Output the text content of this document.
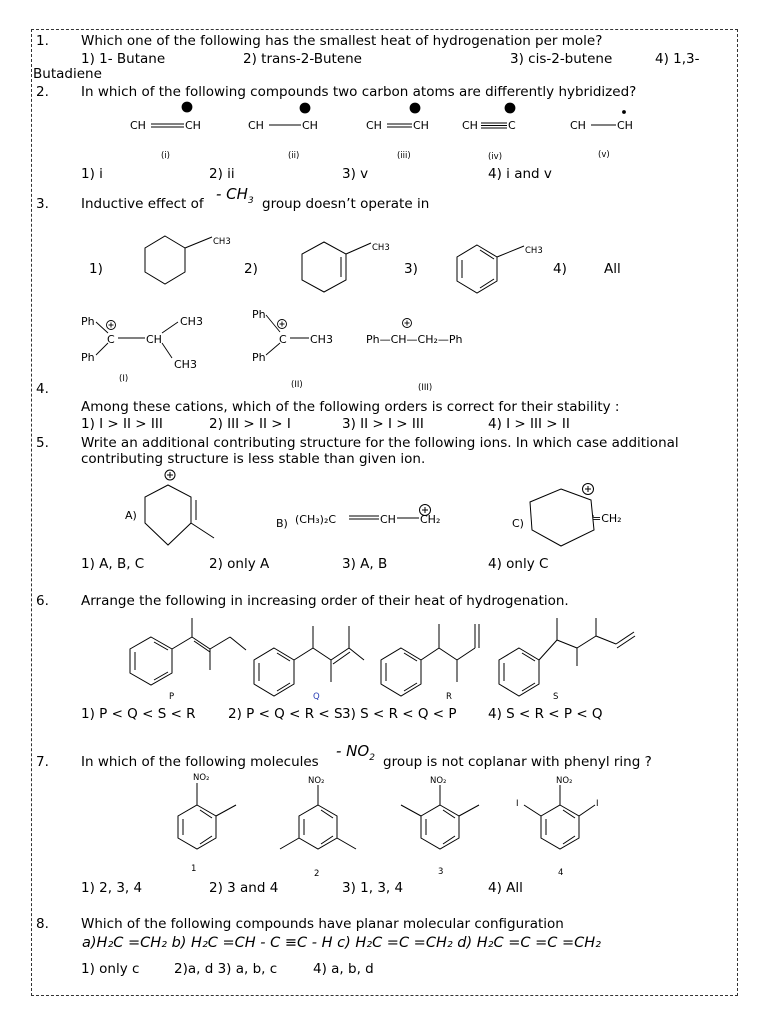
1. Which one of the following has the smallest heat of hydrogenation per mole?
1) 1- Butane	2) trans-2-Butene	3) cis-2-butene	4) 1,3-
Butadiene
2. In which of the following compounds two carbon atoms are differently hybridized?
CH	CH	CH	CH	CH	CH	CH	C	CH	CH
(i)	(ii)	(iii)	(iv)	(v)
1) i	2) ii	3) v	4) i and v
3. Inductive effect of
- $CH_3$ group doesn’t operate in
1)	2)	3)	4)	All
CH3
CH3	CH3
Ph
Ph
C	CH
CH3
CH3
(I)
Ph
Ph
C CH3
(II)
Ph—CH—CH₂—Ph
(III)
4.
Among these cations, which of the following orders is correct for their stability :
1) I > II > III	2) III > II > I	3) II > I > III	4) I > III > II
5. Write an additional contributing structure for the following ions. In which case additional
contributing structure is less stable than given ion.
A)
B) (CH₃)₂C	CH CH₂	C)	=CH₂
1) A, B, C	2) only A	3) A, B	4) only C
6. Arrange the following in increasing order of their heat of hydrogenation.
P	Q	R	S
1) P < Q < S < R 2) P < Q < R < S 3) S < R < Q < P 4) S < R < P < Q
7. In which of the following molecules
- $NO_2$ group is not coplanar with phenyl ring ?
NO₂	NO₂	NO₂	NO₂
I	I
1	2	3	4
1) 2, 3, 4	2) 3 and 4	3) 1, 3, 4	4) All
8. Which of the following compounds have planar molecular configuration
a)H₂C =CH₂ b) H₂C =CH - C ≡C - H c) H₂C =C =CH₂ d) H₂C =C =C =CH₂
1) only c	2)a, d 3) a, b, c	4) a, b, d
